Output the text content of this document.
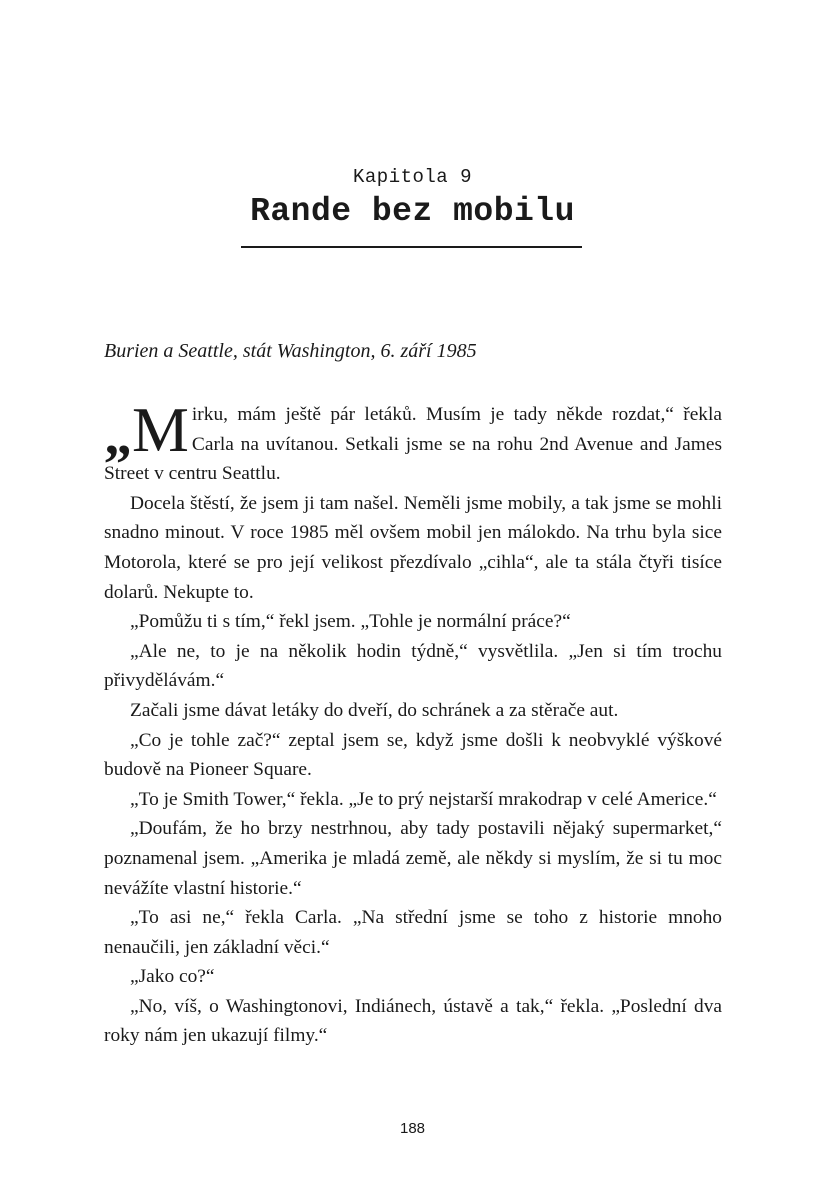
Kapitola 9
Rande bez mobilu
Burien a Seattle, stát Washington, 6. září 1985

„ M irku, mám ještě pár letáků. Musím je tady někde rozdat,“ řekla Carla na uvítanou. Setkali jsme se na rohu 2nd Avenue and James Street v centru Seattlu.

Docela štěstí, že jsem ji tam našel. Neměli jsme mobily, a tak jsme se mohli snadno minout. V roce 1985 měl ovšem mobil jen málokdo. Na trhu byla sice Motorola, které se pro její velikost přezdívalo „cihla“, ale ta stála čtyři tisíce dolarů. Nekupte to.

„Pomůžu ti s tím,“ řekl jsem. „Tohle je normální práce?“

„Ale ne, to je na několik hodin týdně,“ vysvětlila. „Jen si tím trochu přivydělávám.“

Začali jsme dávat letáky do dveří, do schránek a za stěrače aut.

„Co je tohle zač?“ zeptal jsem se, když jsme došli k neobvyklé výškové budově na Pioneer Square.

„To je Smith Tower,“ řekla. „Je to prý nejstarší mrakodrap v celé Americe.“

„Doufám, že ho brzy nestrhnou, aby tady postavili nějaký supermarket,“ poznamenal jsem. „Amerika je mladá země, ale někdy si myslím, že si tu moc nevážíte vlastní historie.“

„To asi ne,“ řekla Carla. „Na střední jsme se toho z historie mnoho nenaučili, jen základní věci.“

„Jako co?“

„No, víš, o Washingtonovi, Indiánech, ústavě a tak,“ řekla. „Poslední dva roky nám jen ukazují filmy.“

188
